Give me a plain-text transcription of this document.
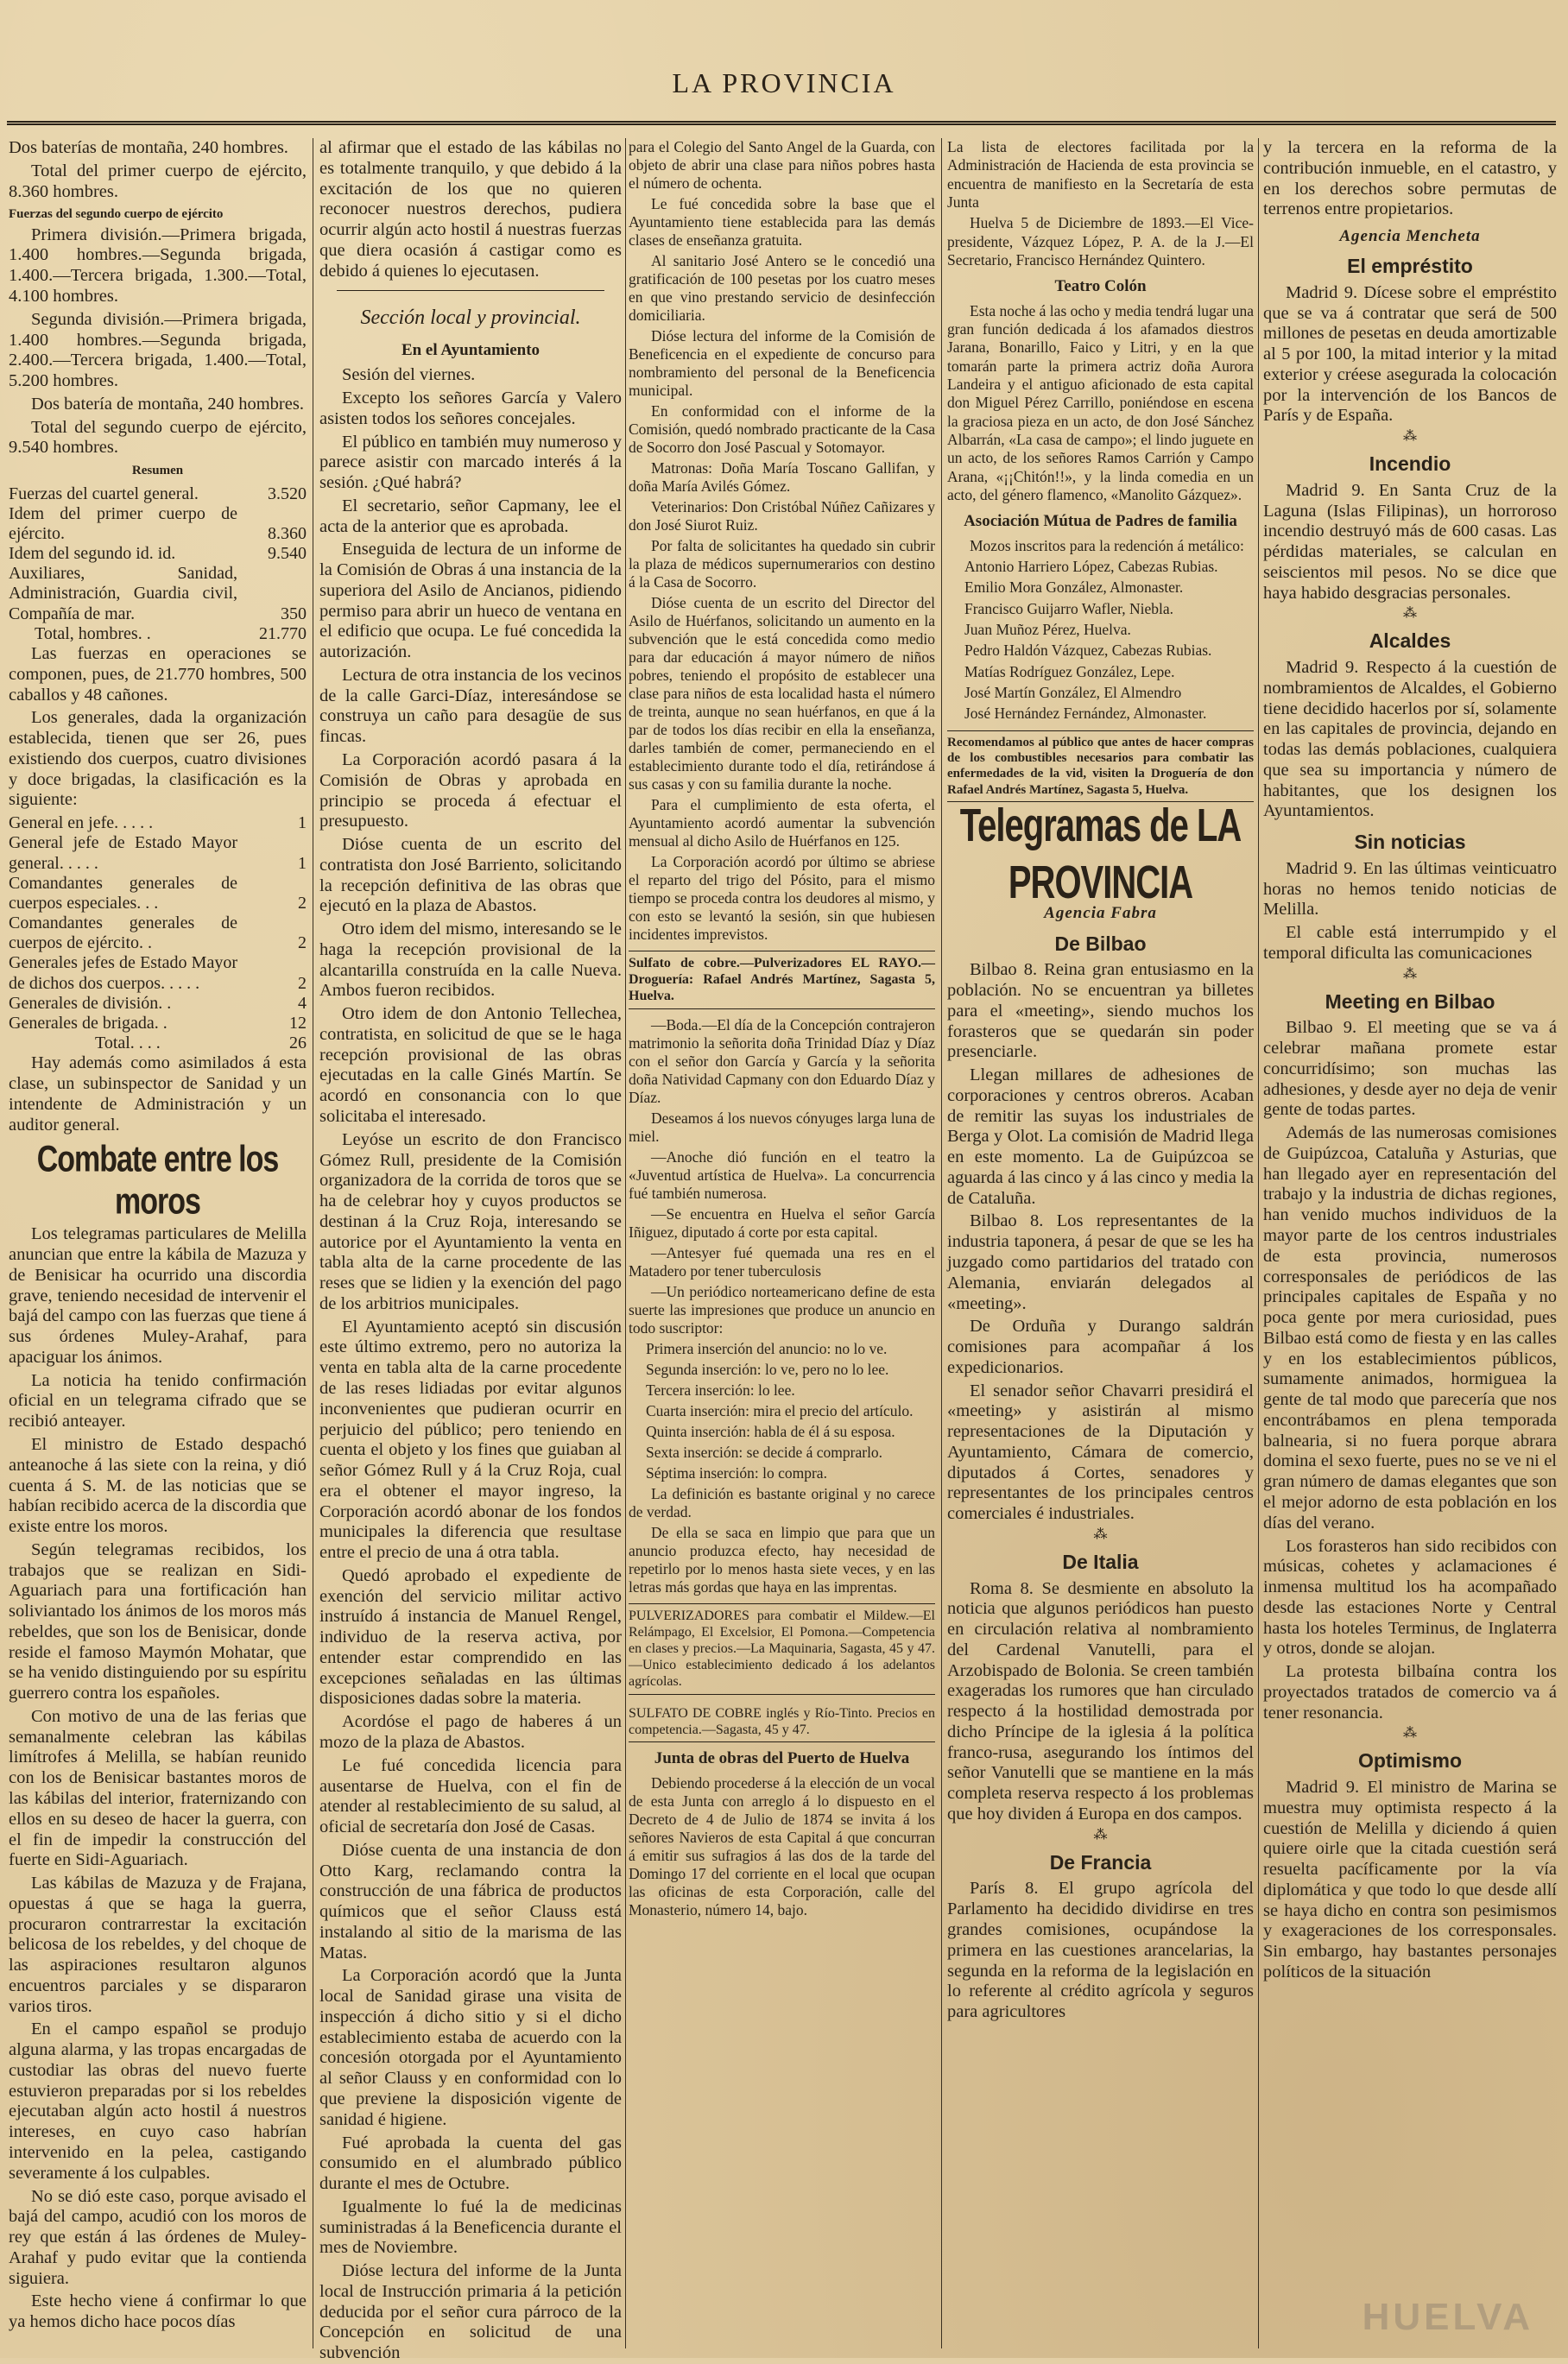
LA PROVINCIA

Dos baterías de montaña, 240 hombres.

Total del primer cuerpo de ejército, 8.360 hombres.

Fuerzas del segundo cuerpo de ejército

Primera división.—Primera brigada, 1.400 hombres.—Segunda brigada, 1.400.—Tercera brigada, 1.300.—Total, 4.100 hombres.

Segunda división.—Primera brigada, 1.400 hombres.—Segunda brigada, 2.400.—Tercera brigada, 1.400.—Total, 5.200 hombres.

Dos batería de montaña, 240 hombres.

Total del segundo cuerpo de ejército, 9.540 hombres.

Resumen
Fuerzas del cuartel general.	3.520
Idem del primer cuerpo de ejército.	8.360
Idem del segundo id. id.	9.540
Auxiliares, Sanidad, Administración, Guardia civil, Compañía de mar.	350
Total, hombres. .	21.770

Las fuerzas en operaciones se componen, pues, de 21.770 hombres, 500 caballos y 48 cañones.

Los generales, dada la organización establecida, tienen que ser 26, pues existiendo dos cuerpos, cuatro divisiones y doce brigadas, la clasificación es la siguiente:

General en jefe. . . . .	1
General jefe de Estado Mayor general. . . . .	1
Comandantes generales de cuerpos especiales. . .	2
Comandantes generales de cuerpos de ejército. .	2
Generales jefes de Estado Mayor de dichos dos cuerpos. . . . .	2
Generales de división. .	4
Generales de brigada. .	12
Total. . . .	26

Hay además como asimilados á esta clase, un subinspector de Sanidad y un intendente de Administración y un auditor general.

Combate entre los moros

Los telegramas particulares de Melilla anuncian que entre la kábila de Mazuza y de Benisicar ha ocurrido una discordia grave, teniendo necesidad de intervenir el bajá del campo con las fuerzas que tiene á sus órdenes Muley-Arahaf, para apaciguar los ánimos.

La noticia ha tenido confirmación oficial en un telegrama cifrado que se recibió anteayer.

El ministro de Estado despachó anteanoche á las siete con la reina, y dió cuenta á S. M. de las noticias que se habían recibido acerca de la discordia que existe entre los moros.

Según telegramas recibidos, los trabajos que se realizan en Sidi-Aguariach para una fortificación han soliviantado los ánimos de los moros más rebeldes, que son los de Benisicar, donde reside el famoso Maymón Mohatar, que se ha venido distinguiendo por su espíritu guerrero contra los españoles.

Con motivo de una de las ferias que semanalmente celebran las kábilas limítrofes á Melilla, se habían reunido con los de Benisicar bastantes moros de las kábilas del interior, fraternizando con ellos en su deseo de hacer la guerra, con el fin de impedir la construcción del fuerte en Sidi-Aguariach.

Las kábilas de Mazuza y de Frajana, opuestas á que se haga la guerra, procuraron contrarrestar la excitación belicosa de los rebeldes, y del choque de las aspiraciones resultaron algunos encuentros parciales y se dispararon varios tiros.

En el campo español se produjo alguna alarma, y las tropas encargadas de custodiar las obras del nuevo fuerte estuvieron preparadas por si los rebeldes ejecutaban algún acto hostil á nuestros intereses, en cuyo caso habrían intervenido en la pelea, castigando severamente á los culpables.

No se dió este caso, porque avisado el bajá del campo, acudió con los moros de rey que están á las órdenes de Muley-Arahaf y pudo evitar que la contienda siguiera.

Este hecho viene á confirmar lo que ya hemos dicho hace pocos días

al afirmar que el estado de las kábilas no es totalmente tranquilo, y que debido á la excitación de los que no quieren reconocer nuestros derechos, pudiera ocurrir algún acto hostil á nuestras fuerzas que diera ocasión á castigar como es debido á quienes lo ejecutasen.

Sección local y provincial.
En el Ayuntamiento

Sesión del viernes.

Excepto los señores García y Valero asisten todos los señores concejales.

El público en también muy numeroso y parece asistir con marcado interés á la sesión. ¿Qué habrá?

El secretario, señor Capmany, lee el acta de la anterior que es aprobada.

Enseguida de lectura de un informe de la Comisión de Obras á una instancia de la superiora del Asilo de Ancianos, pidiendo permiso para abrir un hueco de ventana en el edificio que ocupa. Le fué concedida la autorización.

Lectura de otra instancia de los vecinos de la calle Garci-Díaz, interesándose se construya un caño para desagüe de sus fincas.

La Corporación acordó pasara á la Comisión de Obras y aprobada en principio se proceda á efectuar el presupuesto.

Dióse cuenta de un escrito del contratista don José Barriento, solicitando la recepción definitiva de las obras que ejecutó en la plaza de Abastos.

Otro idem del mismo, interesando se le haga la recepción provisional de la alcantarilla construída en la calle Nueva. Ambos fueron recibidos.

Otro idem de don Antonio Tellechea, contratista, en solicitud de que se le haga recepción provisional de las obras ejecutadas en la calle Ginés Martín. Se acordó en consonancia con lo que solicitaba el interesado.

Leyóse un escrito de don Francisco Gómez Rull, presidente de la Comisión organizadora de la corrida de toros que se ha de celebrar hoy y cuyos productos se destinan á la Cruz Roja, interesando se autorice por el Ayuntamiento la venta en tabla alta de la carne procedente de las reses que se lidien y la exención del pago de los arbitrios municipales.

El Ayuntamiento aceptó sin discusión este último extremo, pero no autoriza la venta en tabla alta de la carne procedente de las reses lidiadas por evitar algunos inconvenientes que pudieran ocurrir en perjuicio del público; pero teniendo en cuenta el objeto y los fines que guiaban al señor Gómez Rull y á la Cruz Roja, cual era el obtener el mayor ingreso, la Corporación acordó abonar de los fondos municipales la diferencia que resultase entre el precio de una á otra tabla.

Quedó aprobado el expediente de exención del servicio militar activo instruído á instancia de Manuel Rengel, individuo de la reserva activa, por entender estar comprendido en las excepciones señaladas en las últimas disposiciones dadas sobre la materia.

Acordóse el pago de haberes á un mozo de la plaza de Abastos.

Le fué concedida licencia para ausentarse de Huelva, con el fin de atender al restablecimiento de su salud, al oficial de secretaría don José de Casas.

Dióse cuenta de una instancia de don Otto Karg, reclamando contra la construcción de una fábrica de productos químicos que el señor Clauss está instalando al sitio de la marisma de las Matas.

La Corporación acordó que la Junta local de Sanidad girase una visita de inspección á dicho sitio y si el dicho establecimiento estaba de acuerdo con la concesión otorgada por el Ayuntamiento al señor Clauss y en conformidad con lo que previene la disposición vigente de sanidad é higiene.

Fué aprobada la cuenta del gas consumido en el alumbrado público durante el mes de Octubre.

Igualmente lo fué la de medicinas suministradas á la Beneficencia durante el mes de Noviembre.

Dióse lectura del informe de la Junta local de Instrucción primaria á la petición deducida por el señor cura párroco de la Concepción en solicitud de una subvención

para el Colegio del Santo Angel de la Guarda, con objeto de abrir una clase para niños pobres hasta el número de ochenta.

Le fué concedida sobre la base que el Ayuntamiento tiene establecida para las demás clases de enseñanza gratuita.

Al sanitario José Antero se le concedió una gratificación de 100 pesetas por los cuatro meses en que vino prestando servicio de desinfección domiciliaria.

Dióse lectura del informe de la Comisión de Beneficencia en el expediente de concurso para nombramiento del personal de la Beneficencia municipal.

En conformidad con el informe de la Comisión, quedó nombrado practicante de la Casa de Socorro don José Pascual y Sotomayor.

Matronas: Doña María Toscano Gallifan, y doña María Avilés Gómez.

Veterinarios: Don Cristóbal Núñez Cañizares y don José Siurot Ruiz.

Por falta de solicitantes ha quedado sin cubrir la plaza de médicos supernumerarios con destino á la Casa de Socorro.

Dióse cuenta de un escrito del Director del Asilo de Huérfanos, solicitando un aumento en la subvención que le está concedida como medio para dar educación á mayor número de niños pobres, teniendo el propósito de establecer una clase para niños de esta localidad hasta el número de treinta, aunque no sean huérfanos, en que á la par de todos los días recibir en ella la enseñanza, darles también de comer, permaneciendo en el establecimiento durante todo el día, retirándose á sus casas y con su familia durante la noche.

Para el cumplimiento de esta oferta, el Ayuntamiento acordó aumentar la subvención mensual al dicho Asilo de Huérfanos en 125.

La Corporación acordó por último se abriese el reparto del trigo del Pósito, para el mismo tiempo se proceda contra los deudores al mismo, y con esto se levantó la sesión, sin que hubiesen incidentes imprevistos.

Sulfato de cobre.—Pulverizadores EL RAYO.—Droguería: Rafael Andrés Martínez, Sagasta 5, Huelva.

—Boda.—El día de la Concepción contrajeron matrimonio la señorita doña Trinidad Díaz y Díaz con el señor don García y García y la señorita doña Natividad Capmany con don Eduardo Díaz y Díaz.

Deseamos á los nuevos cónyuges larga luna de miel.

—Anoche dió función en el teatro la «Juventud artística de Huelva». La concurrencia fué también numerosa.

—Se encuentra en Huelva el señor García Iñiguez, diputado á corte por esta capital.

—Antesyer fué quemada una res en el Matadero por tener tuberculosis

—Un periódico norteamericano define de esta suerte las impresiones que produce un anuncio en todo suscriptor:

Primera inserción del anuncio: no lo ve.

Segunda inserción: lo ve, pero no lo lee.

Tercera inserción: lo lee.

Cuarta inserción: mira el precio del artículo.

Quinta inserción: habla de él á su esposa.

Sexta inserción: se decide á comprarlo.

Séptima inserción: lo compra.

La definición es bastante original y no carece de verdad.

De ella se saca en limpio que para que un anuncio produzca efecto, hay necesidad de repetirlo por lo menos hasta siete veces, y en las letras más gordas que haya en las imprentas.

PULVERIZADORES para combatir el Mildew.—El Relámpago, El Excelsior, El Pomona.—Competencia en clases y precios.—La Maquinaria, Sagasta, 45 y 47.—Unico establecimiento dedicado á los adelantos agrícolas.
SULFATO DE COBRE inglés y Río-Tinto. Precios en competencia.—Sagasta, 45 y 47.
Junta de obras del Puerto de Huelva

Debiendo procederse á la elección de un vocal de esta Junta con arreglo á lo dispuesto en el Decreto de 4 de Julio de 1874 se invita á los señores Navieros de esta Capital á que concurran á emitir sus sufragios á las dos de la tarde del Domingo 17 del corriente en el local que ocupan las oficinas de esta Corporación, calle del Monasterio, número 14, bajo.

La lista de electores facilitada por la Administración de Hacienda de esta provincia se encuentra de manifiesto en la Secretaría de esta Junta

Huelva 5 de Diciembre de 1893.—El Vice-presidente, Vázquez López, P. A. de la J.—El Secretario, Francisco Hernández Quintero.

Teatro Colón

Esta noche á las ocho y media tendrá lugar una gran función dedicada á los afamados diestros Jarana, Bonarillo, Faico y Litri, y en la que tomarán parte la primera actriz doña Aurora Landeira y el antiguo aficionado de esta capital don Miguel Pérez Carrillo, poniéndose en escena la graciosa pieza en un acto, de don José Sánchez Albarrán, «La casa de campo»; el lindo juguete en un acto, de los señores Ramos Carrión y Campo Arana, «¡¡Chitón!!», y la linda comedia en un acto, del género flamenco, «Manolito Gázquez».

Asociación Mútua de Padres de familia

Mozos inscritos para la redención á metálico:

Antonio Harriero López, Cabezas Rubias.

Emilio Mora González, Almonaster.

Francisco Guijarro Wafler, Niebla.

Juan Muñoz Pérez, Huelva.

Pedro Haldón Vázquez, Cabezas Rubias.

Matías Rodríguez González, Lepe.

José Martín González, El Almendro

José Hernández Fernández, Almonaster.

Recomendamos al público que antes de hacer compras de los combustibles necesarios para combatir las enfermedades de la vid, visiten la Droguería de don Rafael Andrés Martínez, Sagasta 5, Huelva.
Telegramas de LA PROVINCIA
Agencia Fabra
De Bilbao

Bilbao 8. Reina gran entusiasmo en la población. No se encuentran ya billetes para el «meeting», siendo muchos los forasteros que se quedarán sin poder presenciarle.

Llegan millares de adhesiones de corporaciones y centros obreros. Acaban de remitir las suyas los industriales de Berga y Olot. La comisión de Madrid llega en este momento. La de Guipúzcoa se aguarda á las cinco y á las cinco y media la de Cataluña.

Bilbao 8. Los representantes de la industria taponera, á pesar de que se les ha juzgado como partidarios del tratado con Alemania, enviarán delegados al «meeting».

De Orduña y Durango saldrán comisiones para acompañar á los expedicionarios.

El senador señor Chavarri presidirá el «meeting» y asistirán al mismo representaciones de la Diputación y Ayuntamiento, Cámara de comercio, diputados á Cortes, senadores y representantes de los principales centros comerciales é industriales.

⁂
De Italia

Roma 8. Se desmiente en absoluto la noticia que algunos periódicos han puesto en circulación relativa al nombramiento del Cardenal Vanutelli, para el Arzobispado de Bolonia. Se creen también exageradas los rumores que han circulado respecto á la hostilidad demostrada por dicho Príncipe de la iglesia á la política franco-rusa, asegurando los íntimos del señor Vanutelli que se mantiene en la más completa reserva respecto á los problemas que hoy dividen á Europa en dos campos.

⁂
De Francia

París 8. El grupo agrícola del Parlamento ha decidido dividirse en tres grandes comisiones, ocupándose la primera en las cuestiones arancelarias, la segunda en la reforma de la legislación en lo referente al crédito agrícola y seguros para agricultores

y la tercera en la reforma de la contribución inmueble, en el catastro, y en los derechos sobre permutas de terrenos entre propietarios.

Agencia Mencheta
El empréstito

Madrid 9. Dícese sobre el empréstito que se va á contratar que será de 500 millones de pesetas en deuda amortizable al 5 por 100, la mitad interior y la mitad exterior y créese asegurada la colocación por la intervención de los Bancos de París y de España.

⁂
Incendio

Madrid 9. En Santa Cruz de la Laguna (Islas Filipinas), un horroroso incendio destruyó más de 600 casas. Las pérdidas materiales, se calculan en seiscientos mil pesos. No se dice que haya habido desgracias personales.

⁂
Alcaldes

Madrid 9. Respecto á la cuestión de nombramientos de Alcaldes, el Gobierno tiene decidido hacerlos por sí, solamente en las capitales de provincia, dejando en todas las demás poblaciones, cualquiera que sea su importancia y número de habitantes, que los designen los Ayuntamientos.

Sin noticias

Madrid 9. En las últimas veinticuatro horas no hemos tenido noticias de Melilla.

El cable está interrumpido y el temporal dificulta las comunicaciones

⁂
Meeting en Bilbao

Bilbao 9. El meeting que se va á celebrar mañana promete estar concurridísimo; son muchas las adhesiones, y desde ayer no deja de venir gente de todas partes.

Además de las numerosas comisiones de Guipúzcoa, Cataluña y Asturias, que han llegado ayer en representación del trabajo y la industria de dichas regiones, han venido muchos individuos de la mayor parte de los centros industriales de esta provincia, numerosos corresponsales de periódicos de las principales capitales de España y no poca gente por mera curiosidad, pues Bilbao está como de fiesta y en las calles y en los establecimientos públicos, sumamente animados, hormiguea la gente de tal modo que parecería que nos encontrábamos en plena temporada balnearia, si no fuera porque abrara domina el sexo fuerte, pues no se ve ni el gran número de damas elegantes que son el mejor adorno de esta población en los días del verano.

Los forasteros han sido recibidos con músicas, cohetes y aclamaciones é inmensa multitud los ha acompañado desde las estaciones Norte y Central hasta los hoteles Terminus, de Inglaterra y otros, donde se alojan.

La protesta bilbaína contra los proyectados tratados de comercio va á tener resonancia.

⁂
Optimismo

Madrid 9. El ministro de Marina se muestra muy optimista respecto á la cuestión de Melilla y diciendo á quien quiere oirle que la citada cuestión será resuelta pacíficamente por la vía diplomática y que todo lo que desde allí se haya dicho en contra son pesimismos y exageraciones de los corresponsales. Sin embargo, hay bastantes personajes políticos de la situación

HUELVA
